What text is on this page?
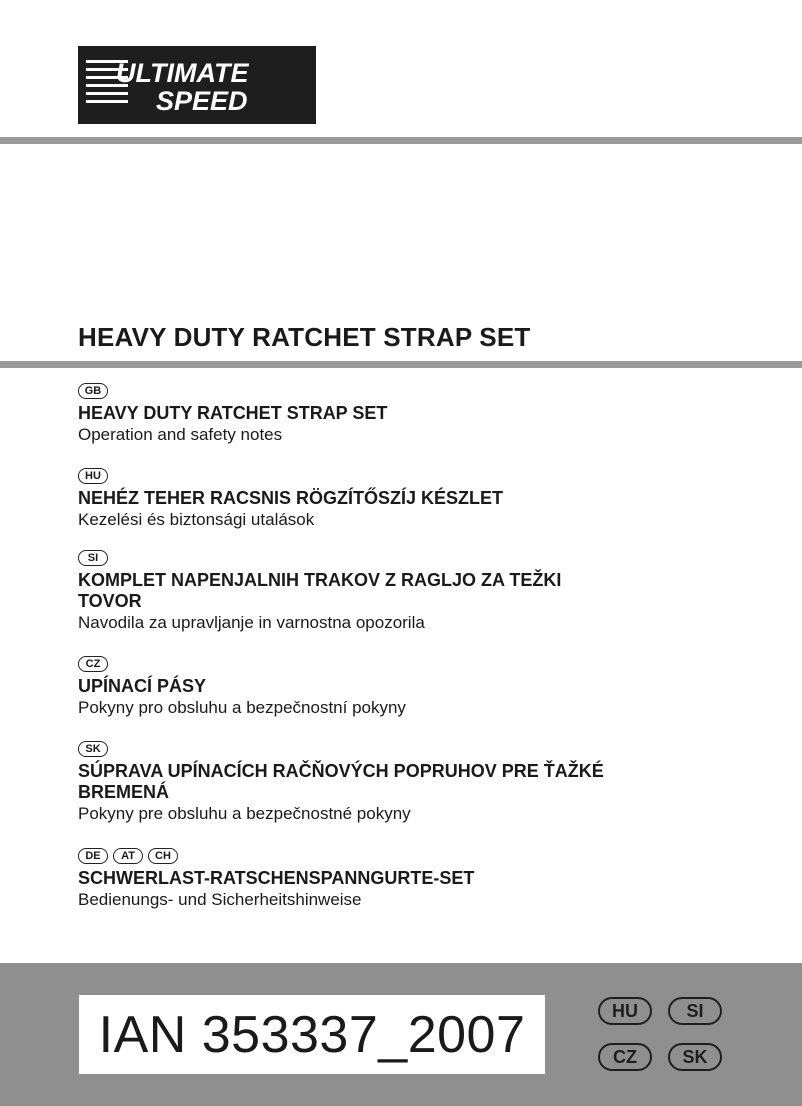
ULTIMATE
SPEED
HEAVY DUTY RATCHET STRAP SET
GB
HEAVY DUTY RATCHET STRAP SET
Operation and safety notes
HU
NEHÉZ TEHER RACSNIS RÖGZÍTŐSZÍJ KÉSZLET
Kezelési és biztonsági utalások
SI
KOMPLET NAPENJALNIH TRAKOV Z RAGLJO ZA TEŽKI
TOVOR
Navodila za upravljanje in varnostna opozorila
CZ
UPÍNACÍ PÁSY
Pokyny pro obsluhu a bezpečnostní pokyny
SK
SÚPRAVA UPÍNACÍCH RAČŇOVÝCH POPRUHOV PRE ŤAŽKÉ
BREMENÁ
Pokyny pre obsluhu a bezpečnostné pokyny
DE	AT	CH
SCHWERLAST-RATSCHENSPANNGURTE-SET
Bedienungs- und Sicherheitshinweise
IAN 353337_2007	HU	SI
CZ	SK
